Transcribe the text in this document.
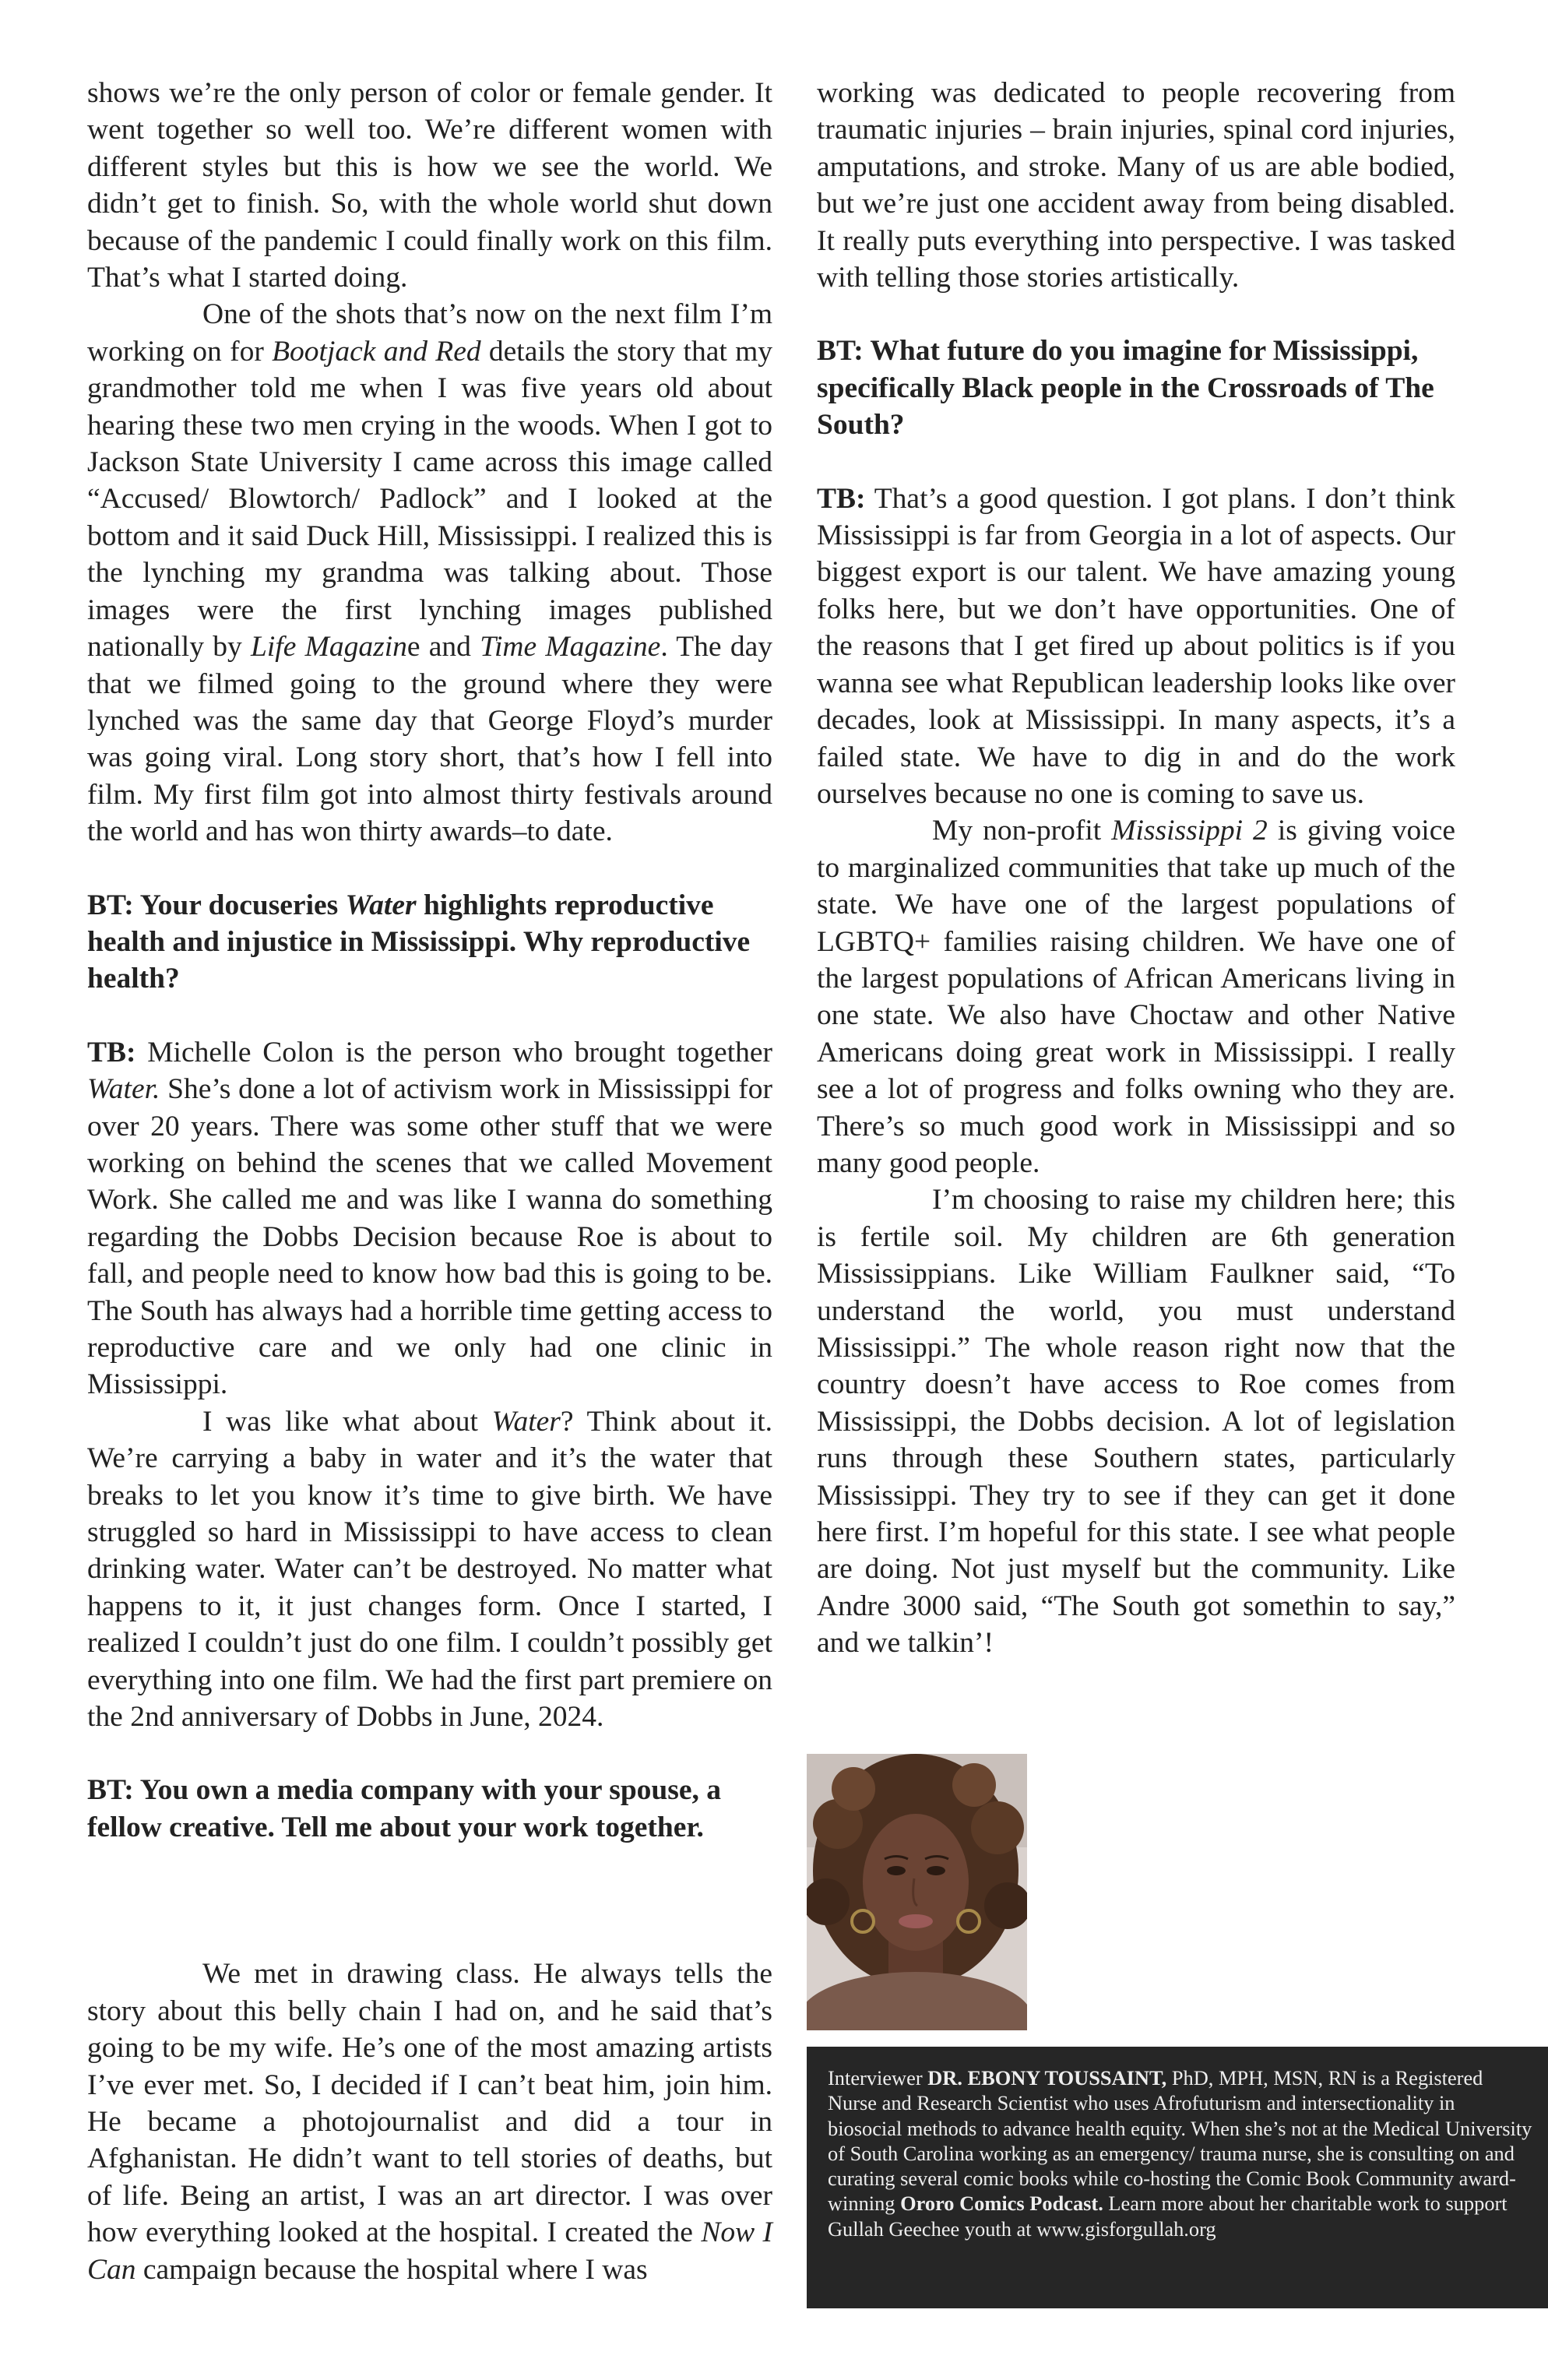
shows we’re the only person of color or female gender. It went together so well too. We’re different women with different styles but this is how we see the world. We didn’t get to finish. So, with the whole world shut down because of the pandemic I could finally work on this film. That’s what I started doing.

One of the shots that’s now on the next film I’m working on for Bootjack and Red details the story that my grandmother told me when I was five years old about hearing these two men crying in the woods. When I got to Jackson State University I came across this image called “Accused/ Blowtorch/ Padlock” and I looked at the bottom and it said Duck Hill, Mississippi. I realized this is the lynching my grandma was talking about. Those images were the first lynching images published nationally by Life Magazine and Time Magazine. The day that we filmed going to the ground where they were lynched was the same day that George Floyd’s murder was going viral. Long story short, that’s how I fell into film. My first film got into almost thirty festivals around the world and has won thirty awards–to date.

BT: Your docuseries Water highlights reproductive health and injustice in Mississippi. Why reproductive health?

TB: Michelle Colon is the person who brought together Water. She’s done a lot of activism work in Mississippi for over 20 years. There was some other stuff that we were working on behind the scenes that we called Movement Work. She called me and was like I wanna do something regarding the Dobbs Decision because Roe is about to fall, and people need to know how bad this is going to be. The South has always had a horrible time getting access to reproductive care and we only had one clinic in Mississippi.

I was like what about Water? Think about it. We’re carrying a baby in water and it’s the water that breaks to let you know it’s time to give birth. We have struggled so hard in Mississippi to have access to clean drinking water. Water can’t be destroyed. No matter what happens to it, it just changes form. Once I started, I realized I couldn’t just do one film. I couldn’t possibly get everything into one film. We had the first part premiere on the 2nd anniversary of Dobbs in June, 2024.

BT: You own a media company with your spouse, a fellow creative. Tell me about your work together.

We met in drawing class. He always tells the story about this belly chain I had on, and he said that’s going to be my wife. He’s one of the most amazing artists I’ve ever met. So, I decided if I can’t beat him, join him. He became a photojournalist and did a tour in Afghanistan. He didn’t want to tell stories of deaths, but of life. Being an artist, I was an art director. I was over how everything looked at the hospital. I created the Now I Can campaign because the hospital where I was

working was dedicated to people recovering from traumatic injuries – brain injuries, spinal cord injuries, amputations, and stroke. Many of us are able bodied, but we’re just one accident away from being disabled. It really puts everything into perspective. I was tasked with telling those stories artistically.

BT: What future do you imagine for Mississippi, specifically Black people in the Crossroads of The South?

TB: That’s a good question. I got plans. I don’t think Mississippi is far from Georgia in a lot of aspects. Our biggest export is our talent. We have amazing young folks here, but we don’t have opportunities. One of the reasons that I get fired up about politics is if you wanna see what Republican leadership looks like over decades, look at Mississippi. In many aspects, it’s a failed state. We have to dig in and do the work ourselves because no one is coming to save us.

My non-profit Mississippi 2 is giving voice to marginalized communities that take up much of the state. We have one of the largest populations of LGBTQ+ families raising children. We have one of the largest populations of African Americans living in one state. We also have Choctaw and other Native Americans doing great work in Mississippi. I really see a lot of progress and folks owning who they are. There’s so much good work in Mississippi and so many good people.

I’m choosing to raise my children here; this is fertile soil. My children are 6th generation Mississippians. Like William Faulkner said, “To understand the world, you must understand Mississippi.” The whole reason right now that the country doesn’t have access to Roe comes from Mississippi, the Dobbs decision. A lot of legislation runs through these Southern states, particularly Mississippi. They try to see if they can get it done here first. I’m hopeful for this state. I see what people are doing. Not just myself but the community. Like Andre 3000 said, “The South got somethin to say,” and we talkin’!

Interviewer DR. EBONY TOUSSAINT, PhD, MPH, MSN, RN is a Registered Nurse and Research Scientist who uses Afrofuturism and intersectionality in biosocial methods to advance health equity. When she’s not at the Medical University of South Carolina working as an emergency/ trauma nurse, she is consulting on and curating several comic books while co-hosting the Comic Book Community award-winning Ororo Comics Podcast. Learn more about her charitable work to support Gullah Geechee youth at www.gisforgullah.org
